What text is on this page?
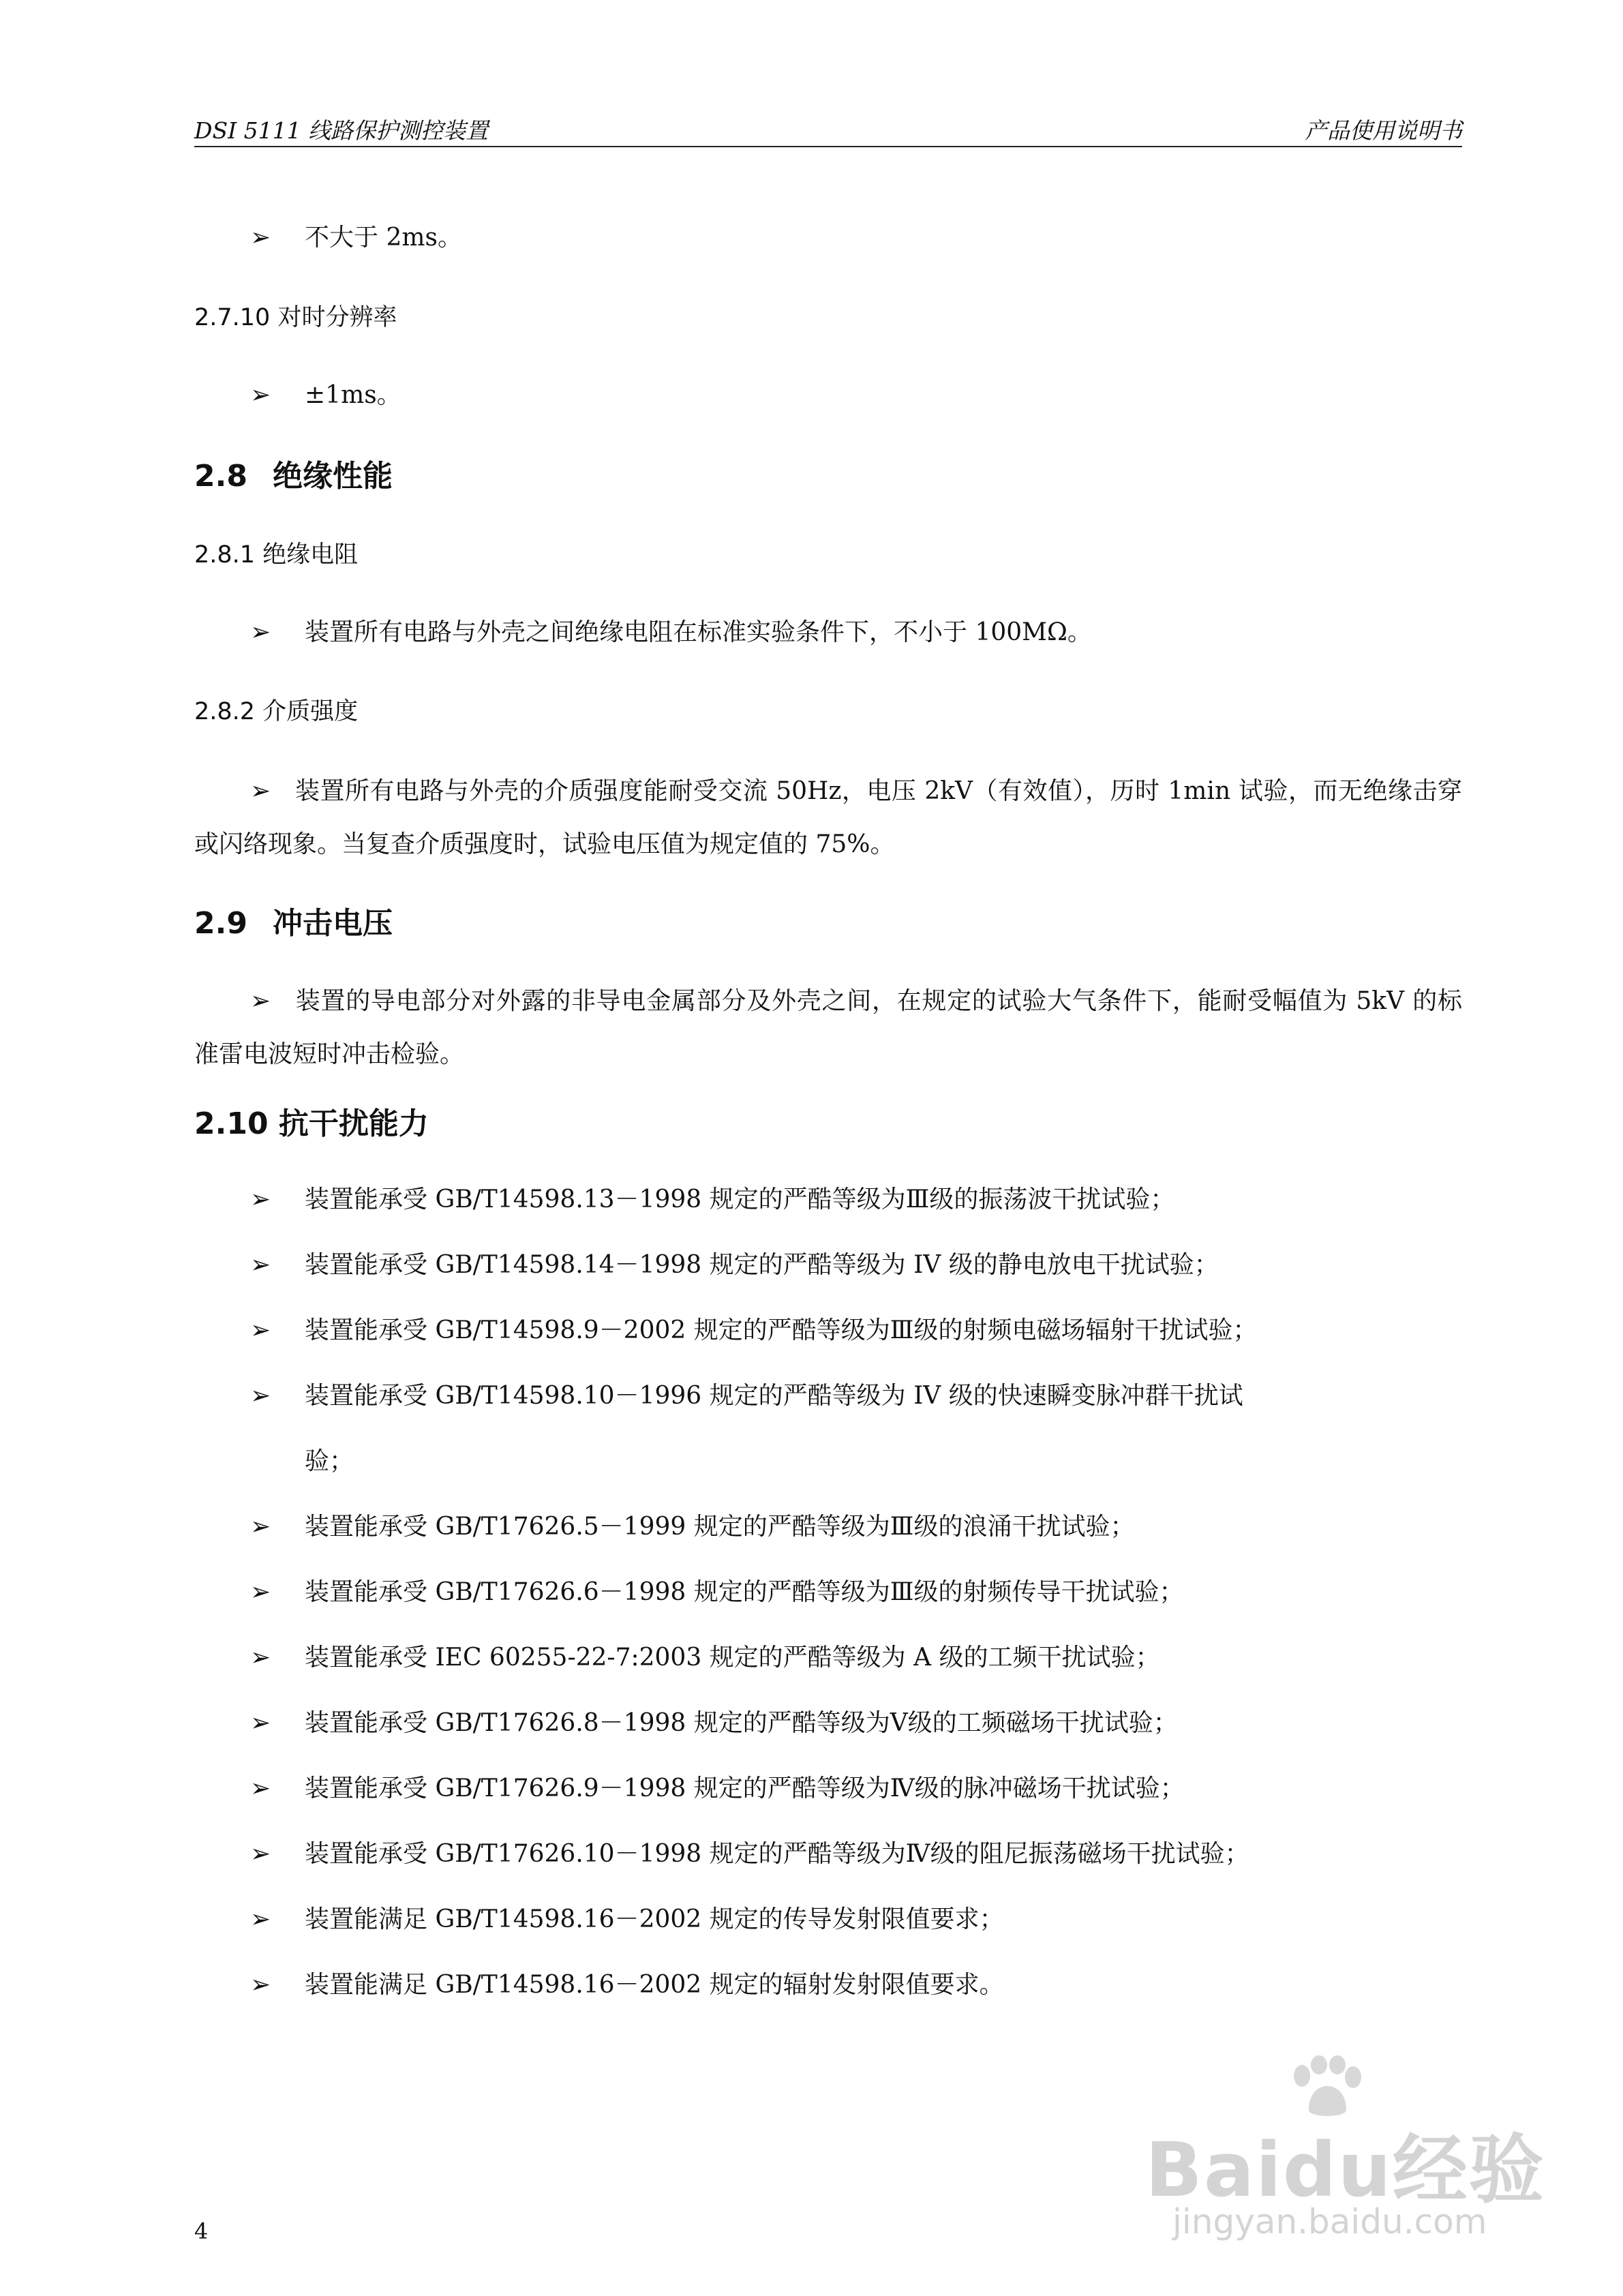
DSI 5111 线路保护测控装置	产品使用说明书
➢ 不大于 2ms。
2.7.10 对时分辨率
➢ ±1ms。
2.8 绝缘性能
2.8.1 绝缘电阻
➢ 装置所有电路与外壳之间绝缘电阻在标准实验条件下，不小于 100MΩ。
2.8.2 介质强度
➢ 装置所有电路与外壳的介质强度能耐受交流 50Hz，电压 2kV（有效值），历时 1min 试验，而无绝缘击穿或闪络现象。当复查介质强度时，试验电压值为规定值的 75%。
2.9 冲击电压
➢ 装置的导电部分对外露的非导电金属部分及外壳之间，在规定的试验大气条件下，能耐受幅值为 5kV 的标准雷电波短时冲击检验。
2.10 抗干扰能力
➢ 装置能承受 GB/T14598.13－1998 规定的严酷等级为Ⅲ级的振荡波干扰试验；
➢ 装置能承受 GB/T14598.14－1998 规定的严酷等级为 IV 级的静电放电干扰试验；
➢ 装置能承受 GB/T14598.9－2002 规定的严酷等级为Ⅲ级的射频电磁场辐射干扰试验；
➢ 装置能承受 GB/T14598.10－1996 规定的严酷等级为 IV 级的快速瞬变脉冲群干扰试
验；
➢ 装置能承受 GB/T17626.5－1999 规定的严酷等级为Ⅲ级的浪涌干扰试验；
➢ 装置能承受 GB/T17626.6－1998 规定的严酷等级为Ⅲ级的射频传导干扰试验；
➢ 装置能承受 IEC 60255-22-7:2003 规定的严酷等级为 A 级的工频干扰试验；
➢ 装置能承受 GB/T17626.8－1998 规定的严酷等级为Ⅴ级的工频磁场干扰试验；
➢ 装置能承受 GB/T17626.9－1998 规定的严酷等级为Ⅳ级的脉冲磁场干扰试验；
➢ 装置能承受 GB/T17626.10－1998 规定的严酷等级为Ⅳ级的阻尼振荡磁场干扰试验；
➢ 装置能满足 GB/T14598.16－2002 规定的传导发射限值要求；
➢ 装置能满足 GB/T14598.16－2002 规定的辐射发射限值要求。
4
Baidu经验
jingyan.baidu.com
